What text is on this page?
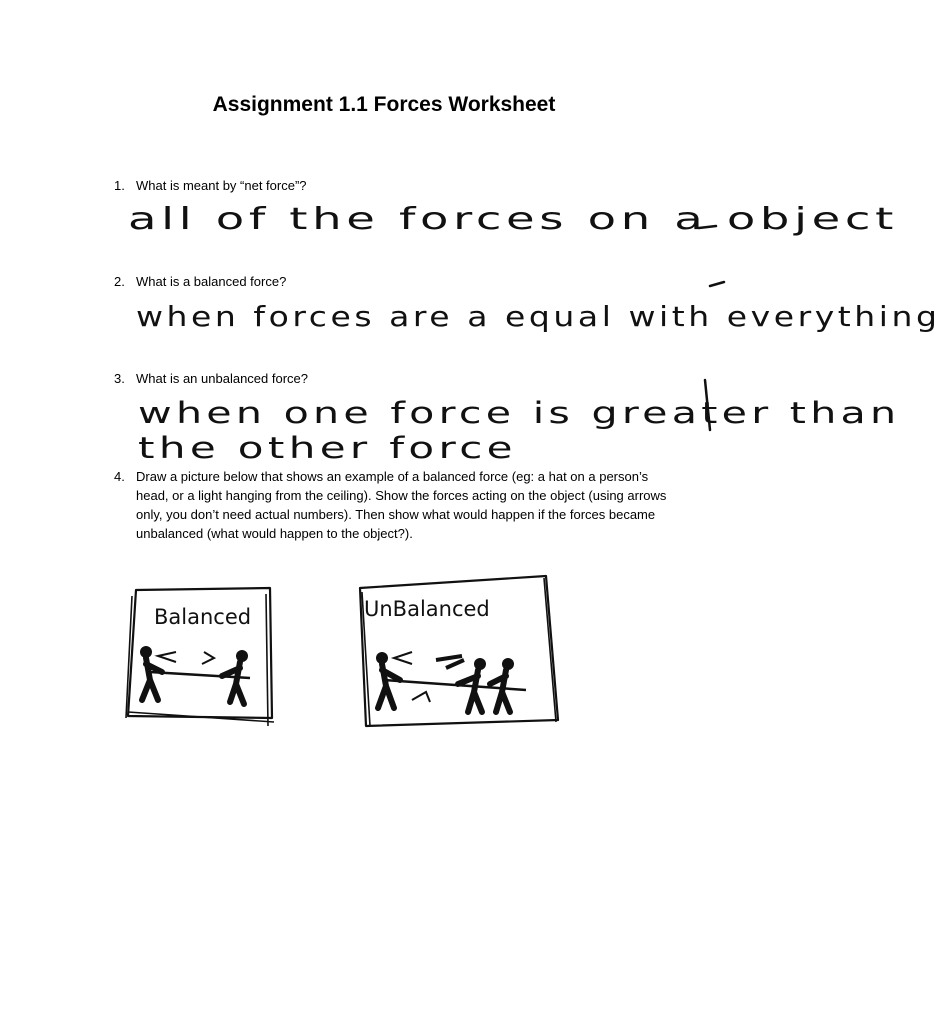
Assignment 1.1 Forces Worksheet
1. What is meant by “net force”?
all of the forces on a object
2. What is a balanced force?
when forces are a equal with everything
3. What is an unbalanced force?
when one force is greater than
the other force
4. Draw a picture below that shows an example of a balanced force (eg: a hat on a person’s head, or a light hanging from the ceiling). Show the forces acting on the object (using arrows only, you don’t need actual numbers). Then show what would happen if the forces became unbalanced (what would happen to the object?).
Balanced	UnBalanced
